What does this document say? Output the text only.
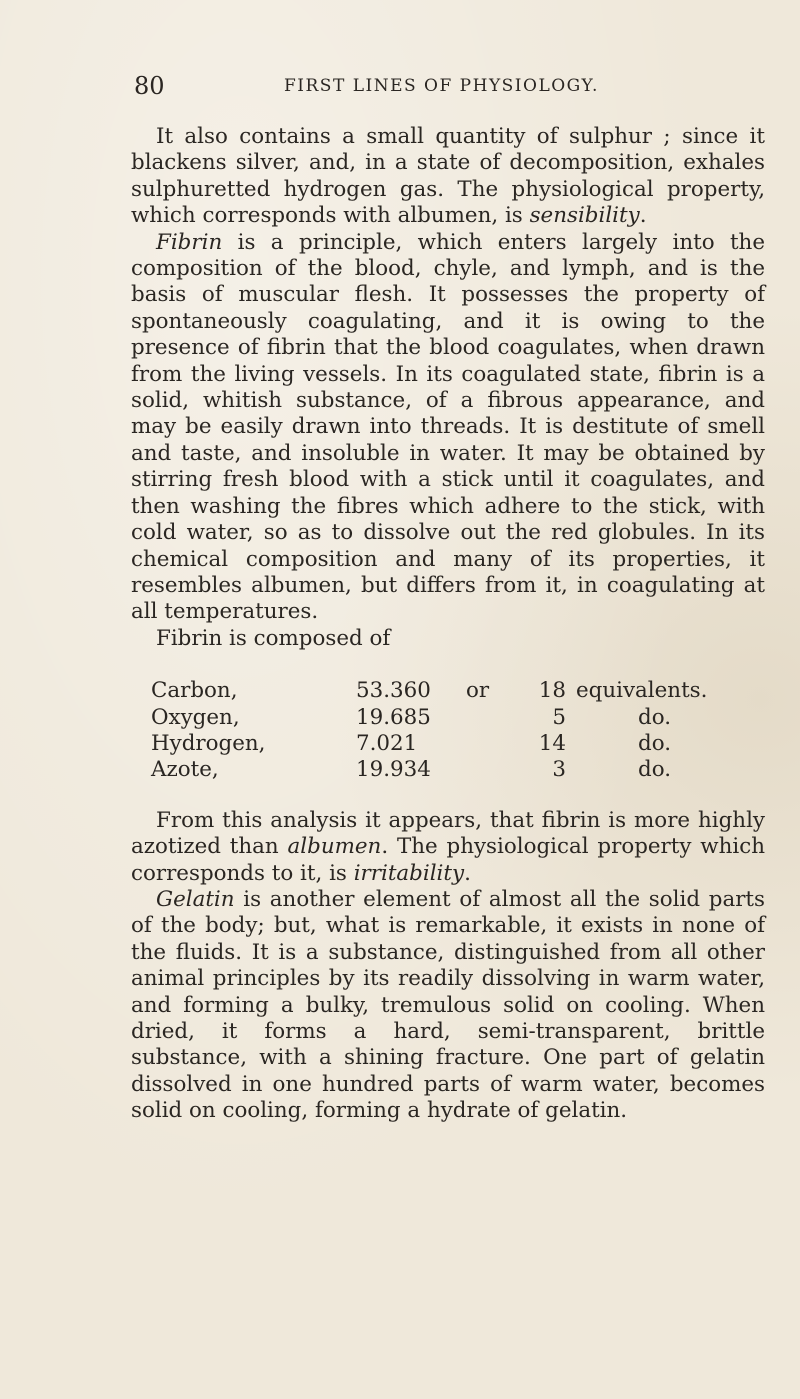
80	FIRST LINES OF PHYSIOLOGY.

It also contains a small quantity of sulphur ; since it blackens silver, and, in a state of decomposition, exhales sulphuretted hydrogen gas. The physiological property, which corresponds with albumen, is sensibility.

Fibrin is a principle, which enters largely into the composition of the blood, chyle, and lymph, and is the basis of muscular flesh. It possesses the property of spontaneously coagulating, and it is owing to the presence of fibrin that the blood coagulates, when drawn from the living vessels. In its coagulated state, fibrin is a solid, whitish substance, of a fibrous appearance, and may be easily drawn into threads. It is destitute of smell and taste, and insoluble in water. It may be obtained by stirring fresh blood with a stick until it coagulates, and then washing the fibres which adhere to the stick, with cold water, so as to dissolve out the red globules. In its chemical composition and many of its properties, it resembles albumen, but differs from it, in coagulating at all temperatures.

Fibrin is composed of

Carbon,	53.360	or	18	equivalents.
Oxygen,	19.685		5	do.
Hydrogen,	7.021		14	do.
Azote,	19.934		3	do.

From this analysis it appears, that fibrin is more highly azotized than albumen. The physiological property which corresponds to it, is irritability.

Gelatin is another element of almost all the solid parts of the body; but, what is remarkable, it exists in none of the fluids. It is a substance, distinguished from all other animal principles by its readily dissolving in warm water, and forming a bulky, tremulous solid on cooling. When dried, it forms a hard, semi-transparent, brittle substance, with a shining fracture. One part of gelatin dissolved in one hundred parts of warm water, becomes solid on cooling, forming a hydrate of gelatin.
